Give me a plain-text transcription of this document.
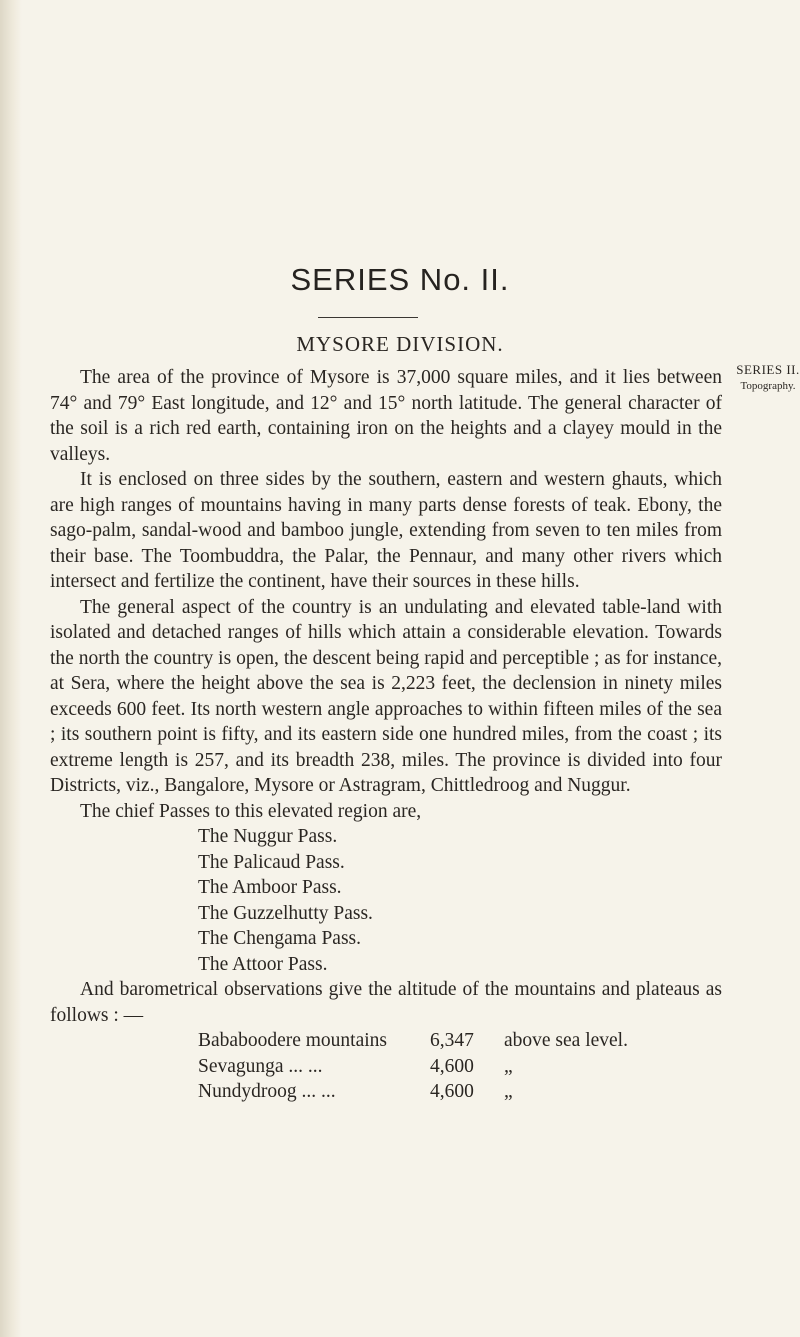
SERIES No. II.
MYSORE DIVISION.
SERIES II.
Topography.

The area of the province of Mysore is 37,000 square miles, and it lies between 74° and 79° East longitude, and 12° and 15° north latitude. The general character of the soil is a rich red earth, containing iron on the heights and a clayey mould in the valleys.

It is enclosed on three sides by the southern, eastern and western ghauts, which are high ranges of mountains having in many parts dense forests of teak. Ebony, the sago-palm, sandal-wood and bamboo jungle, extending from seven to ten miles from their base. The Toombuddra, the Palar, the Pennaur, and many other rivers which intersect and fertilize the continent, have their sources in these hills.

The general aspect of the country is an undulating and elevated table-land with isolated and detached ranges of hills which attain a considerable elevation. Towards the north the country is open, the descent being rapid and perceptible ; as for instance, at Sera, where the height above the sea is 2,223 feet, the declension in ninety miles exceeds 600 feet. Its north western angle approaches to within fifteen miles of the sea ; its southern point is fifty, and its eastern side one hundred miles, from the coast ; its extreme length is 257, and its breadth 238, miles. The province is divided into four Districts, viz., Bangalore, Mysore or Astragram, Chittledroog and Nuggur.

The chief Passes to this elevated region are,

The Nuggur Pass.
The Palicaud Pass.
The Amboor Pass.
The Guzzelhutty Pass.
The Chengama Pass.
The Attoor Pass.

And barometrical observations give the altitude of the mountains and plateaus as follows : —

Bababoodere mountains	6,347	above sea level.
Sevagunga ... ...	4,600	„
Nundydroog ... ...	4,600	„
